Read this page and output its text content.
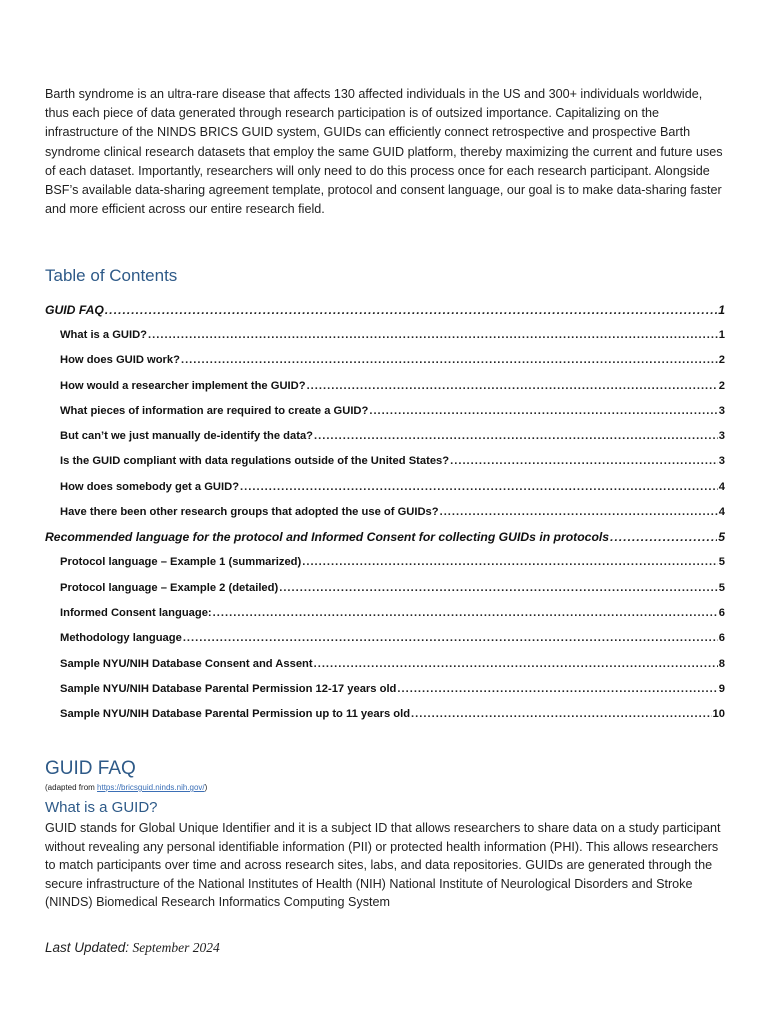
Barth syndrome is an ultra-rare disease that affects 130 affected individuals in the US and 300+ individuals worldwide, thus each piece of data generated through research participation is of outsized importance. Capitalizing on the infrastructure of the NINDS BRICS GUID system, GUIDs can efficiently connect retrospective and prospective Barth syndrome clinical research datasets that employ the same GUID platform, thereby maximizing the current and future uses of each dataset. Importantly, researchers will only need to do this process once for each research participant. Alongside BSF’s available data-sharing agreement template, protocol and consent language, our goal is to make data-sharing faster and more efficient across our entire research field.

Table of Contents
GUID FAQ .....	1
What is a GUID? .....	1
How does GUID work? .....	2
How would a researcher implement the GUID? .....	2
What pieces of information are required to create a GUID? .....	3
But can’t we just manually de-identify the data? .....	3
Is the GUID compliant with data regulations outside of the United States? .....	3
How does somebody get a GUID? .....	4
Have there been other research groups that adopted the use of GUIDs? .....	4
Recommended language for the protocol and Informed Consent for collecting GUIDs in protocols .....	5
Protocol language – Example 1 (summarized) .....	5
Protocol language – Example 2 (detailed) .....	5
Informed Consent language: .....	6
Methodology language .....	6
Sample NYU/NIH Database Consent and Assent .....	8
Sample NYU/NIH Database Parental Permission 12-17 years old .....	9
Sample NYU/NIH Database Parental Permission up to 11 years old .....	10
GUID FAQ
(adapted from https://bricsguid.ninds.nih.gov/)
What is a GUID?

GUID stands for Global Unique Identifier and it is a subject ID that allows researchers to share data on a study participant without revealing any personal identifiable information (PII) or protected health information (PHI). This allows researchers to match participants over time and across research sites, labs, and data repositories. GUIDs are generated through the secure infrastructure of the National Institutes of Health (NIH) National Institute of Neurological Disorders and Stroke (NINDS) Biomedical Research Informatics Computing System

Last Updated: September 2024
